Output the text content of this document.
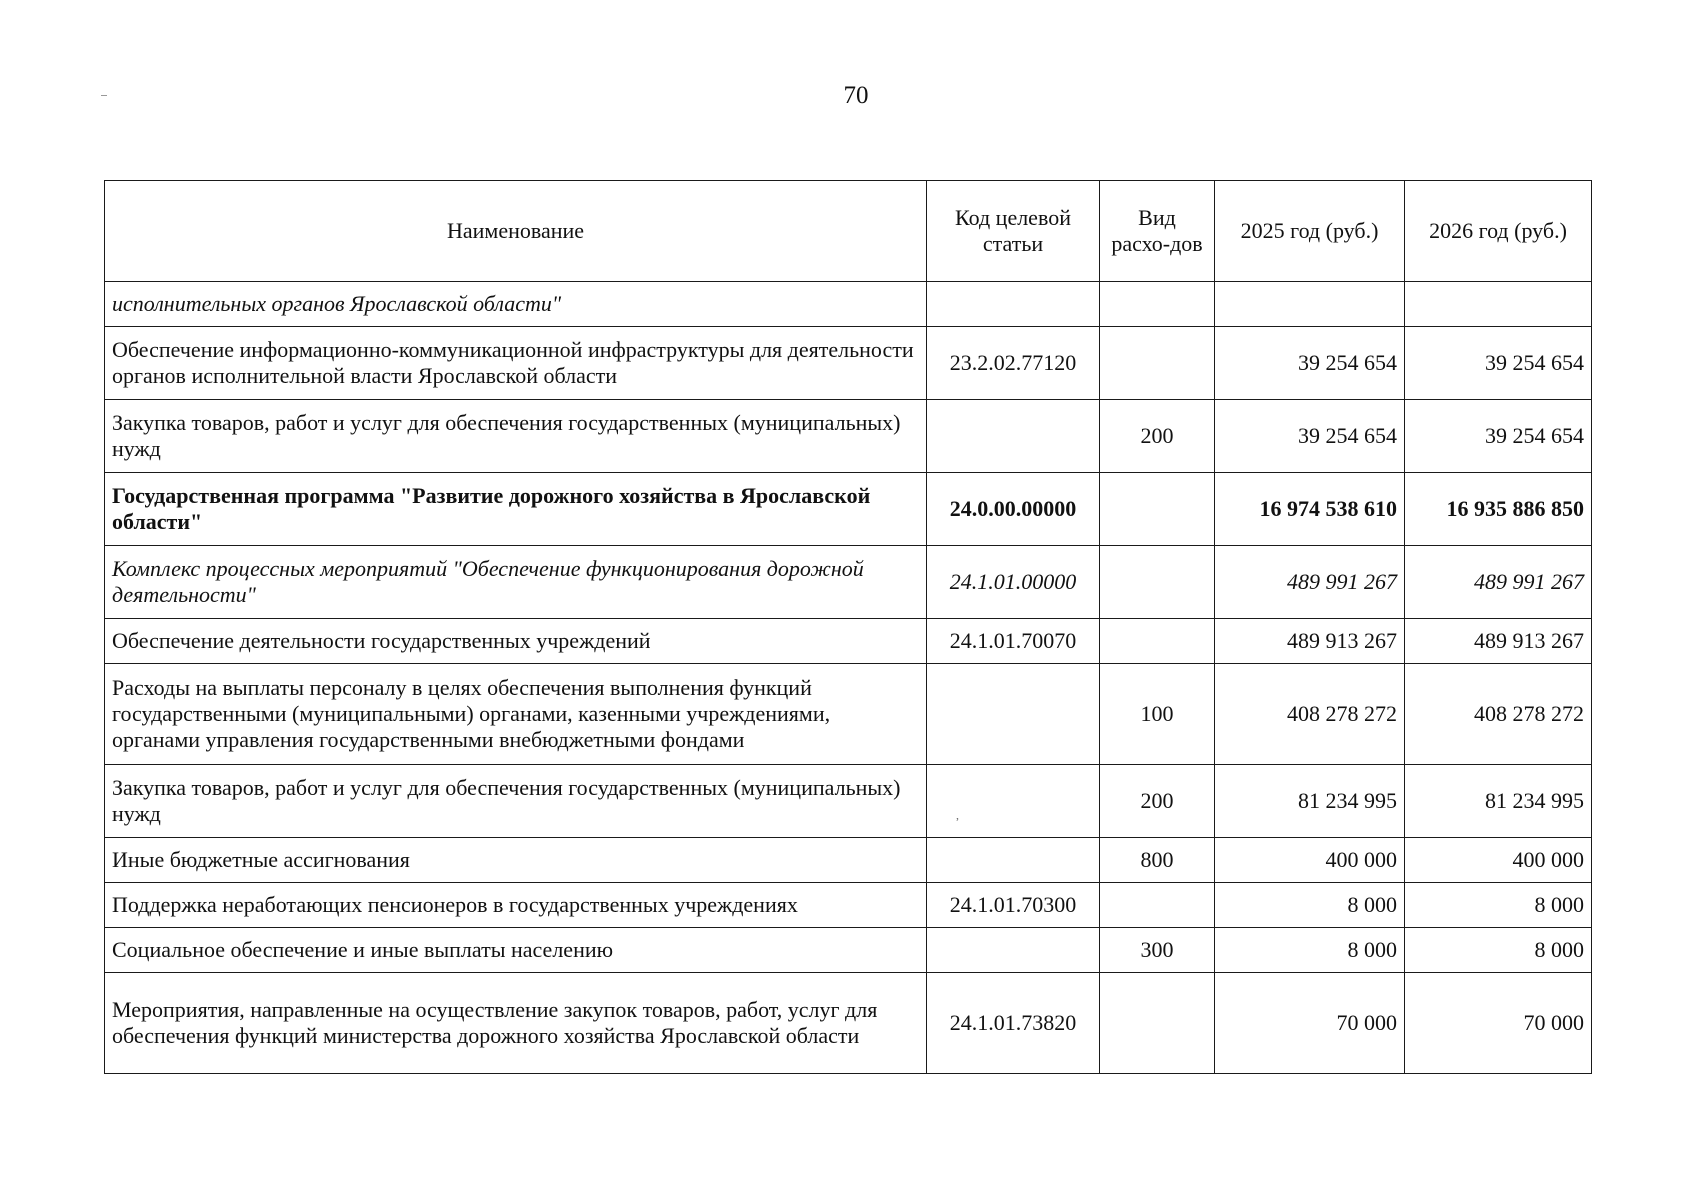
70
Наименование	Код целевой статьи	Вид расхо-дов	2025 год (руб.)	2026 год (руб.)
исполнительных органов Ярославской области"				
Обеспечение информационно-коммуникационной инфраструктуры для деятельности органов исполнительной власти Ярославской области	23.2.02.77120		39 254 654	39 254 654
Закупка товаров, работ и услуг для обеспечения государственных (муниципальных) нужд		200	39 254 654	39 254 654
Государственная программа "Развитие дорожного хозяйства в Ярославской области"	24.0.00.00000		16 974 538 610	16 935 886 850
Комплекс процессных мероприятий "Обеспечение функционирования дорожной деятельности"	24.1.01.00000		489 991 267	489 991 267
Обеспечение деятельности государственных учреждений	24.1.01.70070		489 913 267	489 913 267
Расходы на выплаты персоналу в целях обеспечения выполнения функций государственными (муниципальными) органами, казенными учреждениями, органами управления государственными внебюджетными фондами		100	408 278 272	408 278 272
Закупка товаров, работ и услуг для обеспечения государственных (муниципальных) нужд		200	81 234 995	81 234 995
Иные бюджетные ассигнования		800	400 000	400 000
Поддержка неработающих пенсионеров в государственных учреждениях	24.1.01.70300		8 000	8 000
Социальное обеспечение и иные выплаты населению		300	8 000	8 000
Мероприятия, направленные на осуществление закупок товаров, работ, услуг для обеспечения функций министерства дорожного хозяйства Ярославской области	24.1.01.73820		70 000	70 000
,
